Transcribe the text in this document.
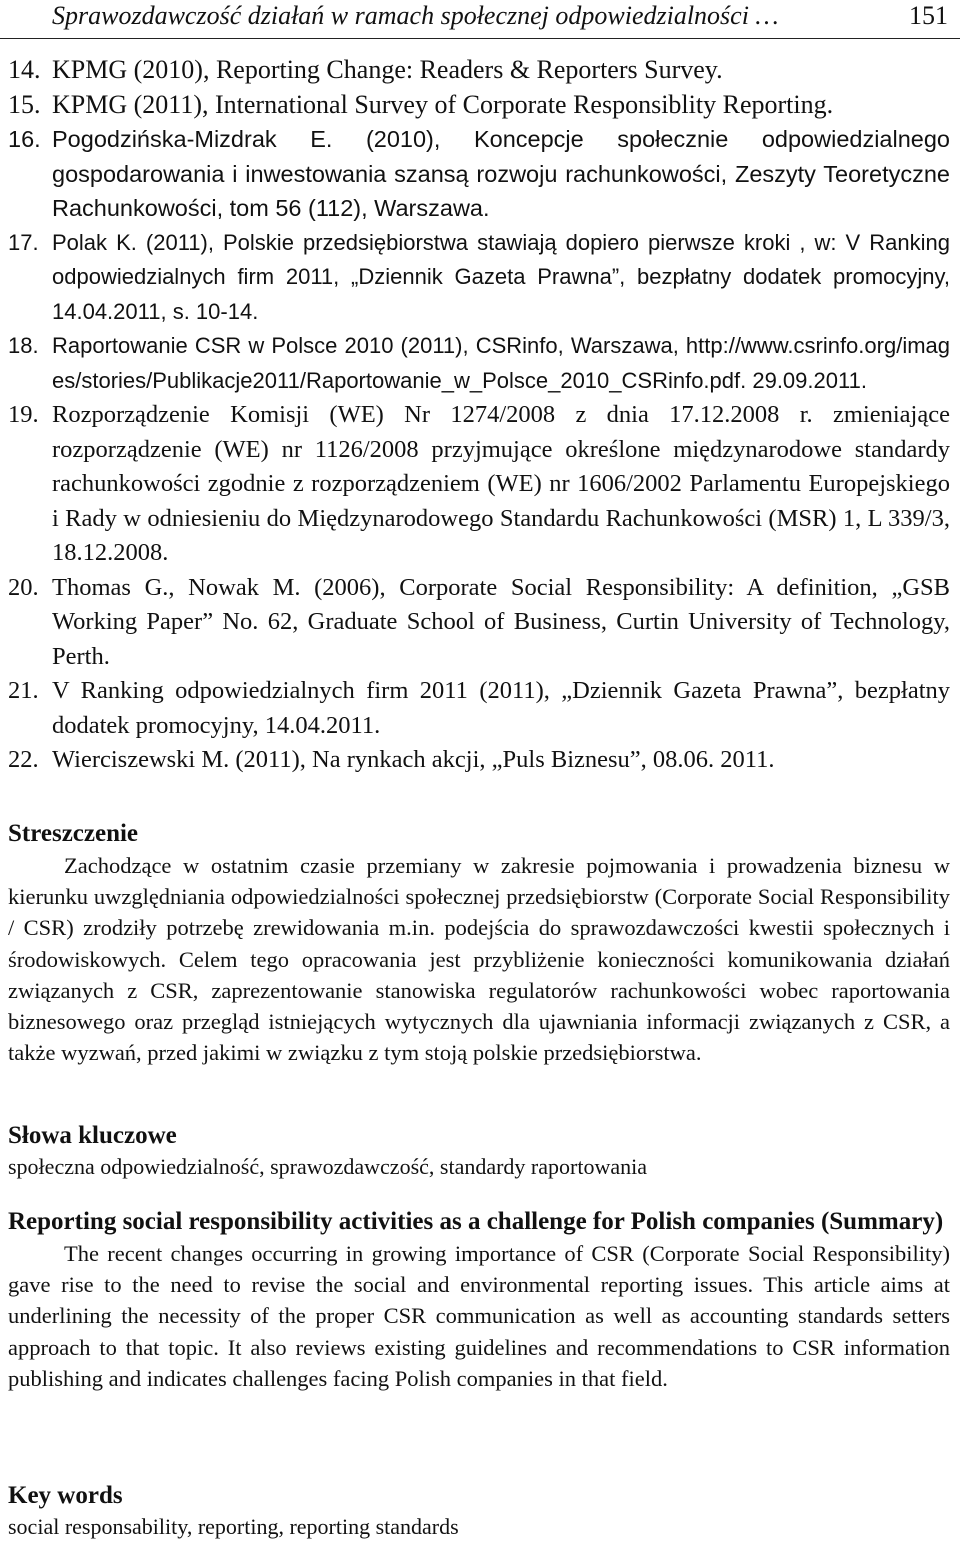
Sprawozdawczość działań w ramach społecznej odpowiedzialności …	151
14. KPMG (2010), Reporting Change: Readers & Reporters Survey.
15. KPMG (2011), International Survey of Corporate Responsiblity Reporting.
16. Pogodzińska-Mizdrak E. (2010), Koncepcje społecznie odpowiedzialnego gospodarowania i inwestowania szansą rozwoju rachunkowości, Zeszyty Teoretyczne Rachunkowości, tom 56 (112), Warszawa.
17. Polak K. (2011), Polskie przedsiębiorstwa stawiają dopiero pierwsze kroki , w: V Ranking odpowiedzialnych firm 2011, „Dziennik Gazeta Prawna”, bezpłatny dodatek promocyjny, 14.04.2011, s. 10-14.
18. Raportowanie CSR w Polsce 2010 (2011), CSRinfo, Warszawa, http://www.csrinfo.org/images/stories/Publikacje2011/Raportowanie_w_Polsce_2010_CSRinfo.pdf. 29.09.2011.
19. Rozporządzenie Komisji (WE) Nr 1274/2008 z dnia 17.12.2008 r. zmieniające rozporządzenie (WE) nr 1126/2008 przyjmujące określone międzynarodowe standardy rachunkowości zgodnie z rozporządzeniem (WE) nr 1606/2002 Parlamentu Europejskiego i Rady w odniesieniu do Międzynarodowego Standardu Rachunkowości (MSR) 1, L 339/3, 18.12.2008.
20. Thomas G., Nowak M. (2006), Corporate Social Responsibility: A definition, „GSB Working Paper” No. 62, Graduate School of Business, Curtin University of Technology, Perth.
21. V Ranking odpowiedzialnych firm 2011 (2011), „Dziennik Gazeta Prawna”, bezpłatny dodatek promocyjny, 14.04.2011.
22. Wierciszewski M. (2011), Na rynkach akcji, „Puls Biznesu”, 08.06. 2011.
Streszczenie

Zachodzące w ostatnim czasie przemiany w zakresie pojmowania i prowadzenia biznesu w kierunku uwzględniania odpowiedzialności społecznej przedsiębiorstw (Corporate Social Responsibility / CSR) zrodziły potrzebę zrewidowania m.in. podejścia do sprawozdawczości kwestii społecznych i środowiskowych. Celem tego opracowania jest przybliżenie konieczności komunikowania działań związanych z CSR, zaprezentowanie stanowiska regulatorów rachunkowości wobec raportowania biznesowego oraz przegląd istniejących wytycznych dla ujawniania informacji związanych z CSR, a także wyzwań, przed jakimi w związku z tym stoją polskie przedsiębiorstwa.

Słowa kluczowe

społeczna odpowiedzialność, sprawozdawczość, standardy raportowania

Reporting social responsibility activities as a challenge for Polish companies (Summary)

The recent changes occurring in growing importance of CSR (Corporate Social Responsibility) gave rise to the need to revise the social and environmental reporting issues. This article aims at underlining the necessity of the proper CSR communication as well as accounting standards setters approach to that topic. It also reviews existing guidelines and recommendations to CSR information publishing and indicates challenges facing Polish companies in that field.

Key words

social responsability, reporting, reporting standards
